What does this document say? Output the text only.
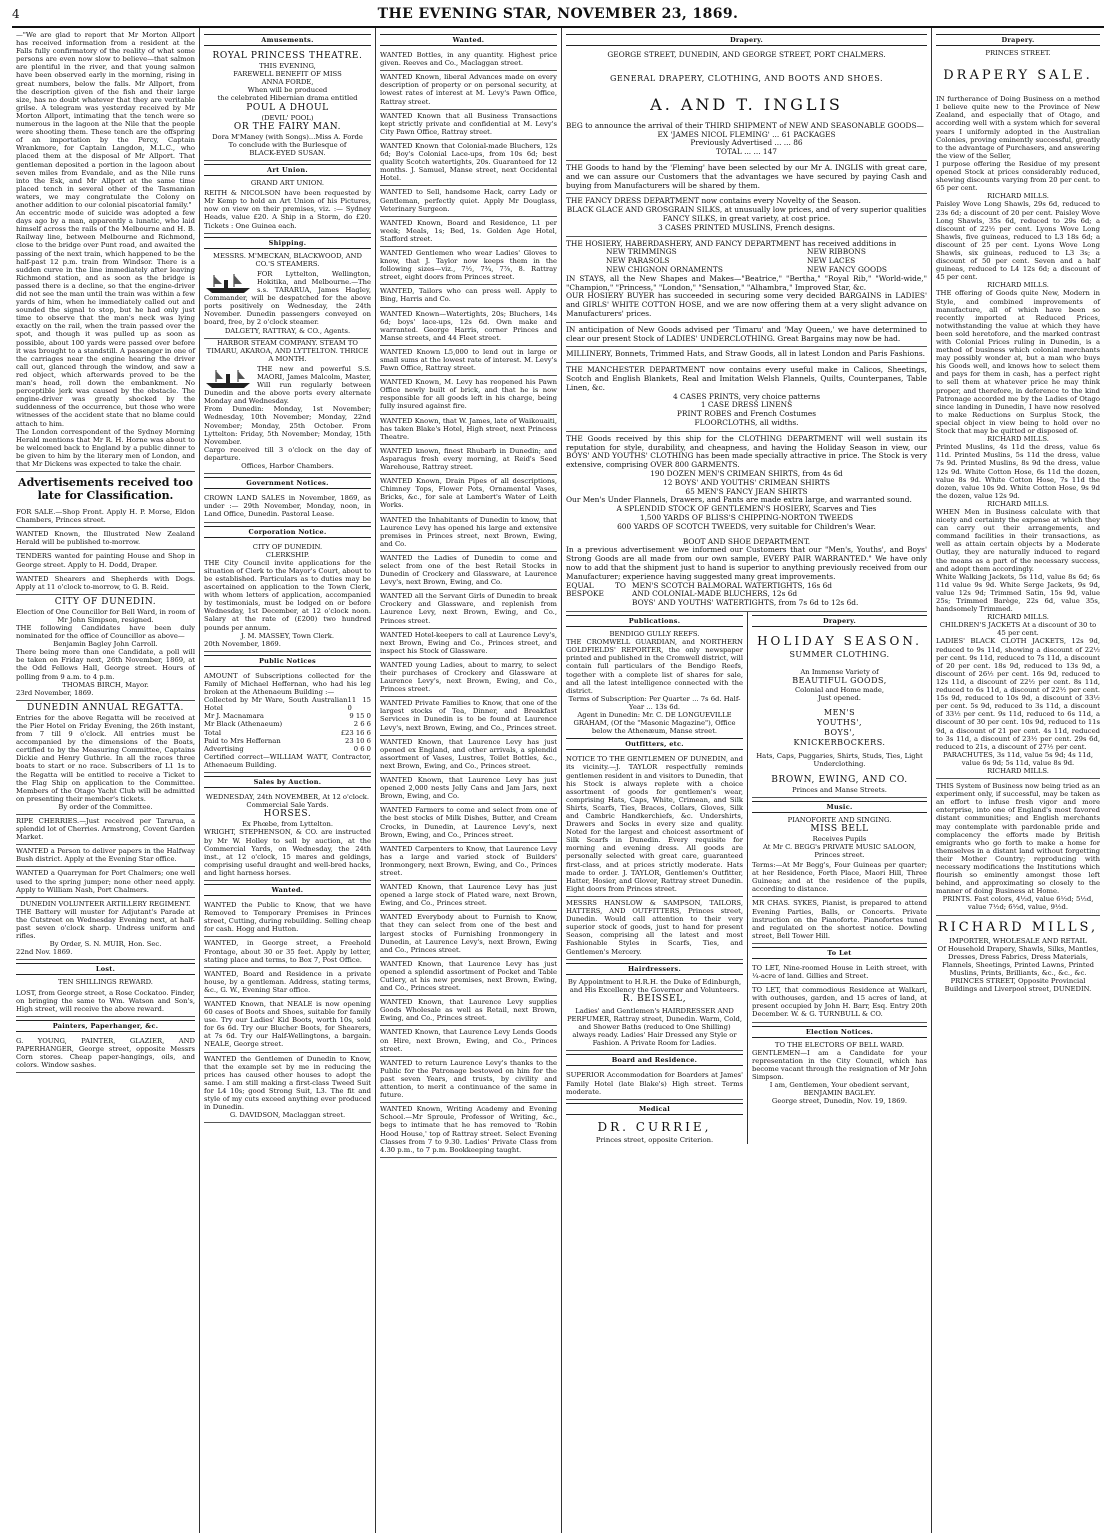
4	THE EVENING STAR, NOVEMBER 23, 1869.

—"We are glad to report that Mr Morton Allport has received information from a resident at the Falls fully confirmatory of the reality of what some persons are even now slow to believe—that salmon are plentiful in the river, and that young salmon have been observed early in the morning, rising in great numbers, below the falls. Mr Allport, from the description given of the fish and their large size, has no doubt whatever that they are veritable grilse. A telegram was yesterday received by Mr Morton Allport, intimating that the tench were so numerous in the lagoon at the Nile that the people were shooting them. These tench are the offspring of an importation by the Percy, Captain Wrankmore, for Captain Langdon, M.L.C., who placed them at the disposal of Mr Allport. That gentleman deposited a portion in the lagoon about seven miles from Evandale, and as the Nile runs into the Esk, and Mr Allport at the same time placed tench in several other of the Tasmanian waters, we may congratulate the Colony on another addition to our colonial piscatorial family."

An eccentric mode of suicide was adopted a few days ago by a man, apparently a lunatic, who laid himself across the rails of the Melbourne and H. B. Railway line, between Melbourne and Richmond, close to the bridge over Punt road, and awaited the passing of the next train, which happened to be the half-past 12 p.m. train from Windsor. There is a sudden curve in the line immediately after leaving Richmond station, and as soon as the bridge is passed there is a decline, so that the engine-driver did not see the man until the train was within a few yards of him, when he immediately called out and sounded the signal to stop, but he had only just time to observe that the man's neck was lying exactly on the rail, when the train passed over the spot, and though it was pulled up as soon as possible, about 100 yards were passed over before it was brought to a standstill. A passenger in one of the carriages near the engine hearing the driver call out, glanced through the window, and saw a red object, which afterwards proved to be the man's head, roll down the embankment. No perceptible jerk was caused by the obstacle. The engine-driver was greatly shocked by the suddenness of the occurrence, but those who were witnesses of the accident state that no blame could attach to him.

The London correspondent of the Sydney Morning Herald mentions that Mr R. H. Horne was about to be welcomed back to England by a public dinner to be given to him by the literary men of London, and that Mr Dickens was expected to take the chair.

Advertisements received too late for Classification.
FOR SALE.—Shop Front. Apply H. P. Morse, Eldon Chambers, Princes street.
WANTED Known, the Illustrated New Zealand Herald will be published to-morrow.
TENDERS wanted for painting House and Shop in George street. Apply to H. Dodd, Draper.
WANTED Shearers and Shepherds with Dogs. Apply at 11 o'clock to-morrow, to G. B. Reid.

CITY OF DUNEDIN.

Election of One Councillor for Bell Ward, in room of Mr John Simpson, resigned.

THE following Candidates have been duly nominated for the office of Councillor as above—

Benjamin Bagley John Carroll.

There being more than one Candidate, a poll will be taken on Friday next, 26th November, 1869, at the Odd Fellows Hall, George street. Hours of polling from 9 a.m. to 4 p.m.

THOMAS BIRCH, Mayor.

23rd November, 1869.

DUNEDIN ANNUAL REGATTA.

Entries for the above Regatta will be received at the Pier Hotel on Friday Evening, the 26th instant, from 7 till 9 o'clock. All entries must be accompanied by the dimensions of the Boats, certified to by the Measuring Committee, Captains Dickie and Henry Guthrie. In all the races three boats to start or no race. Subscribers of L1 1s to the Regatta will be entitled to receive a Ticket to the Flag Ship on application to the Committee. Members of the Otago Yacht Club will be admitted on presenting their member's tickets.

By order of the Committee.

RIPE CHERRIES.—Just received per Tararua, a splendid lot of Cherries. Armstrong, Covent Garden Market.
WANTED a Person to deliver papers in the Halfway Bush district. Apply at the Evening Star office.
WANTED a Quarryman for Port Chalmers; one well used to the spring jumper; none other need apply. Apply to William Nash, Port Chalmers.

DUNEDIN VOLUNTEER ARTILLERY REGIMENT.

THE Battery will muster for Adjutant's Parade at the Cutstreet on Wednesday Evening next, at half-past seven o'clock sharp. Undress uniform and rifles.

By Order, S. N. MUIR, Hon. Sec.

22nd Nov. 1869.

Lost.

TEN SHILLINGS REWARD.

LOST, from George street, a Rose Cockatoo. Finder, on bringing the same to Wm. Watson and Son's, High street, will receive the above reward.
Painters, Paperhanger, &c.
G. YOUNG, PAINTER, GLAZIER, AND PAPERHANGER, George street, opposite Messrs Corn stores. Cheap paper-hangings, oils, and colors. Window sashes.
Amusements.

ROYAL PRINCESS THEATRE.

THIS EVENING,

FAREWELL BENEFIT OF MISS

ANNA FORDE,

When will be produced

the celebrated Hibernian drama entitled

POUL A DHOUL

(DEVIL' POOL)

OR THE FAIRY MAN.

Dora M'Maney (with Songs)...Miss A. Forde

To conclude with the Burlesque of

BLACK-EYED SUSAN.

Art Union.

GRAND ART UNION.

REITH & NICOLSON have been requested by Mr Kemp to hold an Art Union of his Pictures, now on view on their premises, viz. :— Sydney Heads, value £20. A Ship in a Storm, do £20. Tickets : One Guinea each.
Shipping.

MESSRS. M'MECKAN, BLACKWOOD, AND CO.'S STEAMERS.

FOR Lyttelton, Wellington, Hokitika, and Melbourne.—The s.s. TARARUA, James Hagley, Commander, will be despatched for the above ports positively on Wednesday, the 24th November. Dunedin passengers conveyed on board, free, by 2 o'clock steamer.

DALGETY, RATTRAY, & CO., Agents.

HARBOR STEAM COMPANY. STEAM TO TIMARU, AKAROA, AND LYTTELTON. THRICE A MONTH.

THE new and powerful S.S. MAORI, James Malcolm, Master, Will run regularly between Dunedin and the above ports every alternate Monday and Wednesday.

From Dunedin: Monday, 1st November; Wednesday, 10th November; Monday, 22nd November; Monday, 25th October. From Lyttelton: Friday, 5th November; Monday, 15th November.

Cargo received till 3 o'clock on the day of departure.

Offices, Harbor Chambers.

Government Notices.
CROWN LAND SALES in November, 1869, as under :— 29th November, Monday, noon, in Land Office, Dunedin. Pastoral Lease.
Corporation Notice.

CITY OF DUNEDIN.

CLERKSHIP.

THE City Council invite applications for the situation of Clerk to the Mayor's Court, about to be established. Particulars as to duties may be ascertained on application to the Town Clerk, with whom letters of application, accompanied by testimonials, must be lodged on or before Wednesday, 1st December, at 12 o'clock noon. Salary at the rate of (£200) two hundred pounds per annum.

J. M. MASSEY, Town Clerk.

20th November, 1869.

Public Notices

AMOUNT of Subscriptions collected for the Family of Michael Heffernan, who had his leg broken at the Athenaeum Building :—

Collected by Mr Ware, South Australian Hotel
11 15 0
Mr J. Macnamara	9 15 0
Mr Black (Athenaeum)	2 6 6
Total	£23 16 6
Paid to Mrs Heffernan	23 10 6
Advertising	0 6 0

Certified correct—WILLIAM WATT, Contractor, Athenaeum Building.

Sales by Auction.

WEDNESDAY, 24th NOVEMBER, At 12 o'clock.

Commercial Sale Yards.

HORSES.

Ex Phœbe, from Lyttelton.

WRIGHT, STEPHENSON, & CO. are instructed by Mr W. Holley to sell by auction, at the Commercial Yards, on Wednesday, the 24th inst., at 12 o'clock, 15 mares and geldings, comprising useful draught and well-bred hacks, and light harness horses.

Wanted.
WANTED the Public to Know, that we have Removed to Temporary Premises in Princes street, Cutting, during rebuilding. Selling cheap for cash. Hogg and Hutton.
WANTED, in George street, a Freehold Frontage, about 30 or 35 feet. Apply by letter, stating place and terms, to Box 7, Post Office.
WANTED, Board and Residence in a private house, by a gentleman. Address, stating terms, &c., G. W., Evening Star office.
WANTED Known, that NEALE is now opening 60 cases of Boots and Shoes, suitable for family use. Try our Ladies' Kid Boots, worth 10s, sold for 6s 6d. Try our Blucher Boots, for Shearers, at 7s 6d. Try our Half-Wellingtons, a bargain. NEALE, George street.

WANTED the Gentlemen of Dunedin to Know, that the example set by me in reducing the prices has caused other houses to adopt the same. I am still making a first-class Tweed Suit for L4 10s; good Strong Suit, L3. The fit and style of my cuts exceed anything ever produced in Dunedin.

G. DAVIDSON, Maclaggan street.

Wanted.
WANTED Bottles, in any quantity. Highest price given. Reeves and Co., Maclaggan street.
WANTED Known, liberal Advances made on every description of property or on personal security, at lowest rates of interest at M. Levy's Pawn Office, Rattray street.
WANTED Known that all Business Transactions kept strictly private and confidential at M. Levy's City Pawn Office, Rattray street.
WANTED Known that Colonial-made Bluchers, 12s 6d; Boy's Colonial Lace-ups, from 10s 6d; best quality Scotch watertights, 20s. Guaranteed for 12 months. J. Samuel, Manse street, next Occidental Hotel.
WANTED to Sell, handsome Hack, carry Lady or Gentleman, perfectly quiet. Apply Mr Douglass, Veterinary Surgeon.
WANTED Known, Board and Residence, L1 per week; Meals, 1s; Bed, 1s. Golden Age Hotel, Stafford street.
WANTED Gentlemen who wear Ladies' Gloves to know, that J. Taylor now keeps them in the following sizes—viz., 7½, 7¾, 7⅞, 8. Rattray street, eight doors from Princes street.
WANTED, Tailors who can press well. Apply to Bing, Harris and Co.
WANTED Known—Watertights, 20s; Bluchers, 14s 6d; boys' lace-ups, 12s 6d. Own make and warranted. George Harris, corner Princes and Manse streets, and 44 Fleet street.
WANTED Known L5,000 to lend out in large or small sums at the lowest rate of interest. M. Levy's Pawn Office, Rattray street.
WANTED Known, M. Levy has reopened his Pawn Office newly built of brick, and that he is now responsible for all goods left in his charge, being fully insured against fire.
WANTED Known, that W. James, late of Waikouaiti, has taken Blake's Hotel, High street, next Princess Theatre.
WANTED known, finest Rhubarb in Dunedin; and Asparagus fresh every morning, at Reid's Seed Warehouse, Rattray street.
WANTED Known, Drain Pipes of all descriptions, Chimney Tops, Flower Pots, Ornamental Vases, Bricks, &c., for sale at Lambert's Water of Leith Works.
WANTED the Inhabitants of Dunedin to know, that Laurence Levy has opened his large and extensive premises in Princes street, next Brown, Ewing, and Co.
WANTED the Ladies of Dunedin to come and select from one of the best Retail Stocks in Dunedin of Crockery and Glassware, at Laurence Levy's, next Brown, Ewing, and Co.
WANTED all the Servant Girls of Dunedin to break Crockery and Glassware, and replenish from Laurence Levy, next Brown, Ewing, and Co., Princes street.
WANTED Hotel-keepers to call at Laurence Levy's, next Brown, Ewing and Co., Princes street, and inspect his Stock of Glassware.
WANTED young Ladies, about to marry, to select their purchases of Crockery and Glassware at Laurence Levy's, next Brown, Ewing, and Co., Princes street.
WANTED Private Families to Know, that one of the largest stocks of Tea, Dinner, and Breakfast Services in Dunedin is to be found at Laurence Levy's, next Brown, Ewing, and Co., Princes street.
WANTED Known, that Laurence Levy has just opened ex England, and other arrivals, a splendid assortment of Vases, Lustres, Toilet Bottles, &c., next Brown, Ewing, and Co., Princes street.
WANTED Known, that Laurence Levy has just opened 2,000 nests Jelly Cans and Jam Jars, next Brown, Ewing, and Co.
WANTED Farmers to come and select from one of the best stocks of Milk Dishes, Butter, and Cream Crocks, in Dunedin, at Laurence Levy's, next Brown, Ewing, and Co., Princes street.
WANTED Carpenters to Know, that Laurence Levy has a large and varied stock of Builders' Ironmongery, next Brown, Ewing, and Co., Princes street.
WANTED Known, that Laurence Levy has just opened a large stock of Plated ware, next Brown, Ewing, and Co., Princes street.
WANTED Everybody about to Furnish to Know, that they can select from one of the best and largest stocks of Furnishing Ironmongery in Dunedin, at Laurence Levy's, next Brown, Ewing and Co., Princes street.
WANTED Known, that Laurence Levy has just opened a splendid assortment of Pocket and Table Cutlery, at his new premises, next Brown, Ewing, and Co., Princes street.
WANTED Known, that Laurence Levy supplies Goods Wholesale as well as Retail, next Brown, Ewing, and Co., Princes street.
WANTED Known, that Laurence Levy Lends Goods on Hire, next Brown, Ewing, and Co., Princes street.
WANTED to return Laurence Levy's thanks to the Public for the Patronage bestowed on him for the past seven Years, and trusts, by civility and attention, to merit a continuance of the same in future.
WANTED Known, Writing Academy and Evening School.—Mr Sproule, Professor of Writing, &c., begs to intimate that he has removed to 'Robin Hood House,' top of Rattray street. Select Evening Classes from 7 to 9.30. Ladies' Private Class from 4.30 p.m., to 7 p.m. Bookkeeping taught.
Drapery.

GEORGE STREET, DUNEDIN, AND GEORGE STREET, PORT CHALMERS.

GENERAL DRAPERY, CLOTHING, AND BOOTS AND SHOES.

A. AND T. INGLIS

BEG to announce the arrival of their THIRD SHIPMENT of NEW AND SEASONABLE GOODS—

EX 'JAMES NICOL FLEMING' ... 61 PACKAGES

Previously Advertised ... ... 86

TOTAL ... ... 147

THE Goods to hand by the 'Fleming' have been selected by our Mr A. INGLIS with great care, and we can assure our Customers that the advantages we have secured by paying Cash and buying from Manufacturers will be shared by them.

THE FANCY DRESS DEPARTMENT now contains every Novelty of the Season.

BLACK GLACE AND GROSGRAIN SILKS, at unusually low prices, and of very superior qualities

FANCY SILKS, in great variety, at cost price.

3 CASES PRINTED MUSLINS, French designs.

THE HOSIERY, HABERDASHERY, AND FANCY DEPARTMENT has received additions in

NEW TRIMMINGS
NEW PARASOLS
NEW CHIGNON ORNAMENTS
NEW RIBBONS
NEW LACES
NEW FANCY GOODS

IN STAYS, all the New Shapes and Makes—"Beatrice," "Bertha," "Royal Rib," "World-wide," "Champion," "Princess," "London," "Sensation," "Alhambra," Improved Star, &c.

OUR HOSIERY BUYER has succeeded in securing some very decided BARGAINS in LADIES' and GIRLS' WHITE COTTON HOSE, and we are now offering them at a very slight advance on Manufacturers' prices.

IN anticipation of New Goods advised per 'Timaru' and 'May Queen,' we have determined to clear our present Stock of LADIES' UNDERCLOTHING. Great Bargains may now be had.

MILLINERY, Bonnets, Trimmed Hats, and Straw Goods, all in latest London and Paris Fashions.

THE MANCHESTER DEPARTMENT now contains every useful make in Calicos, Sheetings, Scotch and English Blankets, Real and Imitation Welsh Flannels, Quilts, Counterpanes, Table Linen, &c.

4 CASES PRINTS, very choice patterns

1 CASE DRESS LINENS

PRINT ROBES and French Costumes

FLOORCLOTHS, all widths.

THE Goods received by this ship for the CLOTHING DEPARTMENT will well sustain its reputation for style, durability, and cheapness, and having the Holiday Season in view, our BOYS' AND YOUTHS' CLOTHING has been made specially attractive in price. The Stock is very extensive, comprising OVER 800 GARMENTS.

190 DOZEN MEN'S CRIMEAN SHIRTS, from 4s 6d

12 BOYS' AND YOUTHS' CRIMEAN SHIRTS

65 MEN'S FANCY JEAN SHIRTS

Our Men's Under Flannels, Drawers, and Pants are made extra large, and warranted sound.

A SPLENDID STOCK OF GENTLEMEN'S HOSIERY, Scarves and Ties

1,500 YARDS OF BLISS'S CHIPPING-NORTON TWEEDS

600 YARDS OF SCOTCH TWEEDS, very suitable for Children's Wear.

BOOT AND SHOE DEPARTMENT.

In a previous advertisement we informed our Customers that our "Men's, Youths', and Boys' Strong Goods are all made from our own sample, EVERY PAIR WARRANTED." We have only now to add that the shipment just to hand is superior to anything previously received from our Manufacturer; experience having suggested many great improvements.

EQUAL TO BESPOKE
MEN'S SCOTCH BALMORAL WATERTIGHTS, 16s 6d
AND COLONIAL-MADE BLUCHERS, 12s 6d
BOYS' AND YOUTHS' WATERTIGHTS, from 7s 6d to 12s 6d.
Publications.

BENDIGO GULLY REEFS.

THE CROMWELL GUARDIAN, and NORTHERN GOLDFIELDS' REPORTER, the only newspaper printed and published in the Cromwell district, will contain full particulars of the Bendigo Reefs, together with a complete list of shares for sale, and all the latest intelligence connected with the district.

Terms of Subscription: Per Quarter ... 7s 6d. Half-Year ... 13s 6d.

Agent in Dunedin: Mr. C. DE LONGUEVILLE GRAHAM, (Of the "Masonic Magazine"), Office below the Athenæum, Manse street.

Outfitters, etc.
NOTICE TO THE GENTLEMEN OF DUNEDIN, and its vicinity.—J. TAYLOR respectfully reminds gentlemen resident in and visitors to Dunedin, that his Stock is always replete with a choice assortment of goods for gentlemen's wear, comprising Hats, Caps, White, Crimean, and Silk Shirts, Scarfs, Ties, Braces, Collars, Gloves, Silk and Cambric Handkerchiefs, &c. Undershirts, Drawers and Socks in every size and quality. Noted for the largest and choicest assortment of Silk Scarfs in Dunedin. Every requisite for morning and evening dress. All goods are personally selected with great care, guaranteed first-class, and at prices strictly moderate. Hats made to order. J. TAYLOR, Gentlemen's Outfitter, Hatter, Hosier, and Glover, Rattray street Dunedin. Eight doors from Princes street.
MESSRS HANSLOW & SAMPSON, TAILORS, HATTERS, AND OUTFITTERS, Princes street, Dunedin. Would call attention to their very superior stock of goods, just to hand for present Season, comprising all the latest and most Fashionable Styles in Scarfs, Ties, and Gentlemen's Mercery.
Hairdressers.

By Appointment to H.R.H. the Duke of Edinburgh, and His Excellency the Governor and Volunteers.

R. BEISSEL,

Ladies' and Gentlemen's HAIRDRESSER AND PERFUMER, Rattray street, Dunedin. Warm, Cold, and Shower Baths (reduced to One Shilling) always ready. Ladies' Hair Dressed any Style or Fashion. A Private Room for Ladies.
Board and Residence.
SUPERIOR Accommodation for Boarders at James' Family Hotel (late Blake's) High street. Terms moderate.
Medical

DR. CURRIE,

Princes street, opposite Criterion.

Drapery.

HOLIDAY SEASON.

SUMMER CLOTHING.

An Immense Variety of

BEAUTIFUL GOODS,

Colonial and Home made,

Just opened.

MEN'S

YOUTHS',

BOYS',

KNICKERBOCKERS.

Hats, Caps, Puggaries, Shirts, Studs, Ties, Light Underclothing.

BROWN, EWING, AND CO.

Princes and Manse Streets.

Music.

PIANOFORTE AND SINGING.

MISS BELL

Receives Pupils

At Mr C. BEGG's PRIVATE MUSIC SALOON, Princes street.

Terms:—At Mr Begg's, Four Guineas per quarter; at her Residence, Forth Place, Maori Hill, Three Guineas; and at the residence of the pupils, according to distance.
MR CHAS. SYKES, Pianist, is prepared to attend Evening Parties, Balls, or Concerts. Private instruction on the Pianoforte. Pianofortes tuned and regulated on the shortest notice. Dowling street, Bell Tower Hill.
To Let
TO LET, Nine-roomed House in Leith street, with ¼-acre of land. Gillies and Street.
TO LET, that commodious Residence at Walkari, with outhouses, garden, and 15 acres of land, at present occupied by John H. Barr, Esq. Entry 20th December. W. & G. TURNBULL & CO.
Election Notices.

TO THE ELECTORS OF BELL WARD.

GENTLEMEN—I am a Candidate for your representation in the City Council, which has become vacant through the resignation of Mr John Simpson.

I am, Gentlemen, Your obedient servant, BENJAMIN BAGLEY.

George street, Dunedin, Nov. 19, 1869.

Drapery.

PRINCES STREET.

DRAPERY SALE.

IN furtherance of Doing Business on a method I believe quite new to the Province of New Zealand, and especially that of Otago, and according well with a system which for several years I uniformly adopted in the Australian Colonies, proving eminently successful, greatly to the advantage of Purchasers, and answering the view of the Seller,

I purpose offering the Residue of my present opened Stock at prices considerably reduced, shewing discounts varying from 20 per cent. to 65 per cent.

RICHARD MILLS.

Paisley Wove Long Shawls, 29s 6d, reduced to 23s 6d; a discount of 20 per cent. Paisley Wove Long Shawls, 35s 6d, reduced to 29s 6d; a discount of 22½ per cent. Lyons Wove Long Shawls, five guineas, reduced to L3 18s 6d; a discount of 25 per cent. Lyons Wove Long Shawls, six guineas, reduced to L3 3s; a discount of 50 per cent. Seven and a half guineas, reduced to L4 12s 6d; a discount of 45 per cent.

RICHARD MILLS.

THE offering of Goods quite New, Modern in Style, and combined improvements of manufacture, all of which have been so recently imported at Reduced Prices, notwithstanding the value at which they have been sold heretofore, and the marked contrast with Colonial Prices ruling in Dunedin, is a method of business which colonial merchants may possibly wonder at, but a man who buys his Goods well, and knows how to select them and pays for them in cash, has a perfect right to sell them at whatever price he may think proper, and therefore, in deference to the kind Patronage accorded me by the Ladies of Otago since landing in Dunedin, I have now resolved to make Reductions on Surplus Stock, the special object in view being to hold over no Stock that may be quitted or disposed of.

RICHARD MILLS.

Printed Muslins, 4s 11d the dress, value 6s 11d. Printed Muslins, 5s 11d the dress, value 7s 9d. Printed Muslins, 8s 9d the dress, value 12s 9d. White Cotton Hose, 6s 11d the dozen, value 8s 9d. White Cotton Hose, 7s 11d the dozen, value 10s 9d. White Cotton Hose, 9s 9d the dozen, value 12s 9d.

RICHARD MILLS.

WHEN Men in Business calculate with that nicety and certainty the expense at which they can carry out their arrangements, and command facilities in their transactions, as well as attain certain objects by a Moderate Outlay, they are naturally induced to regard the means as a part of the necessary success, and adopt them accordingly.

White Walking Jackets, 5s 11d, value 8s 6d; 6s 11d value 9s 9d. White Serge Jackets, 9s 9d, value 12s 9d; Trimmed Satin, 15s 9d, value 25s; Trimmed Barège, 22s 6d, value 35s, handsomely Trimmed.

RICHARD MILLS.

CHILDREN'S JACKETS At a discount of 30 to 45 per cent.

LADIES' BLACK CLOTH JACKETS, 12s 9d, reduced to 9s 11d, showing a discount of 22½ per cent. 9s 11d, reduced to 7s 11d, a discount of 20 per cent. 18s 9d, reduced to 13s 9d, a discount of 26½ per cent. 16s 9d, reduced to 12s 11d, a discount of 22½ per cent. 8s 11d, reduced to 6s 11d, a discount of 22½ per cent. 15s 9d, reduced to 10s 9d, a discount of 33½ per cent. 5s 9d, reduced to 3s 11d, a discount of 33½ per cent. 9s 11d, reduced to 6s 11d, a discount of 30 per cent. 10s 9d, reduced to 11s 9d, a discount of 21 per cent. 4s 11d, reduced to 3s 11d, a discount of 23½ per cent. 29s 6d, reduced to 21s, a discount of 27½ per cent.

PARACHUTES, 3s 11d, value 5s 9d; 4s 11d, value 6s 9d; 5s 11d, value 8s 9d.

RICHARD MILLS.

THIS System of Business now being tried as an experiment only, if successful, may be taken as an effort to infuse fresh vigor and more enterprise, into one of England's most favored distant communities; and English merchants may contemplate with pardonable pride and complacency the efforts made by British emigrants who go forth to make a home for themselves in a distant land without forgetting their Mother Country; reproducing with necessary modifications the Institutions which flourish so eminently amongst those left behind, and approximating so closely to the manner of doing Business at Home.

PRINTS. Fast colors, 4½d, value 6½d; 5½d, value 7½d; 6½d, value, 9½d.

RICHARD MILLS,

IMPORTER, WHOLESALE AND RETAIL

Of Household Drapery, Shawls, Silks, Mantles, Dresses, Dress Fabrics, Dress Materials, Flannels, Sheetings, Printed Lawns, Printed Muslins, Prints, Brilliants, &c., &c., &c.

PRINCES STREET, Opposite Provincial Buildings and Liverpool street, DUNEDIN.
